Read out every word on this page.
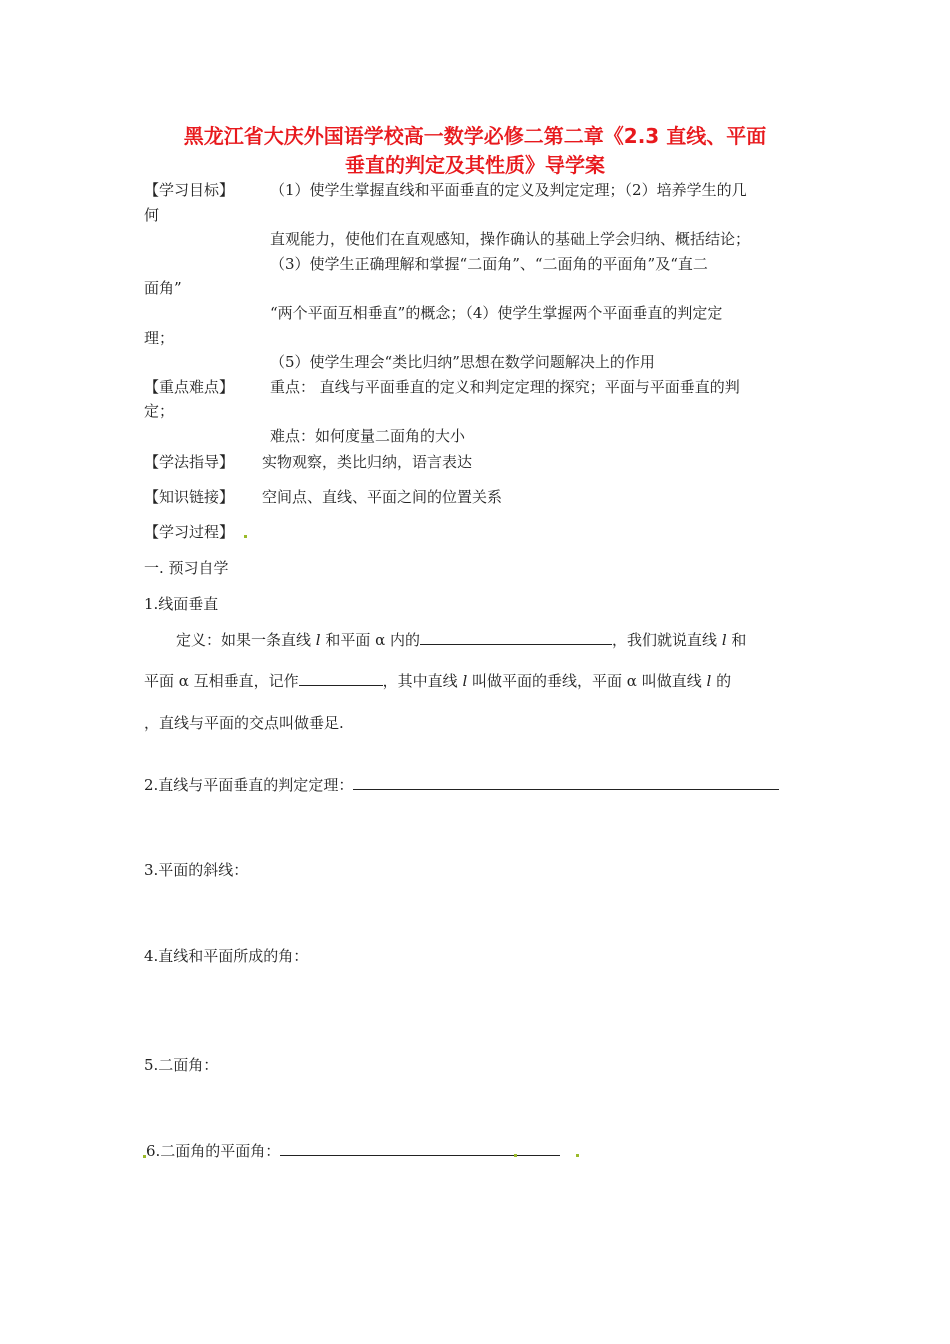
黑龙江省大庆外国语学校高一数学必修二第二章《2.3 直线、平面
垂直的判定及其性质》导学案
【学习目标】 （1）使学生掌握直线和平面垂直的定义及判定定理；（2）培养学生的几
何
直观能力，使他们在直观感知，操作确认的基础上学会归纳、概括结论；
（3）使学生正确理解和掌握“二面角”、“二面角的平面角”及“直二
面角”
“两个平面互相垂直”的概念；（4）使学生掌握两个平面垂直的判定定
理；
（5）使学生理会“类比归纳”思想在数学问题解决上的作用
【重点难点】 重点： 直线与平面垂直的定义和判定定理的探究；平面与平面垂直的判
定；
难点：如何度量二面角的大小
【学法指导】 实物观察，类比归纳，语言表达
【知识链接】 空间点、直线、平面之间的位置关系
【学习过程】
一. 预习自学
1.线面垂直
定义：如果一条直线 l 和平面 α 内的	，我们就说直线 l 和
平面 α 互相垂直，记作	，其中直线 l 叫做平面的垂线，平面 α 叫做直线 l 的
，直线与平面的交点叫做垂足.
2.直线与平面垂直的判定定理：
3.平面的斜线：
4.直线和平面所成的角：
5.二面角：
6.二面角的平面角：
